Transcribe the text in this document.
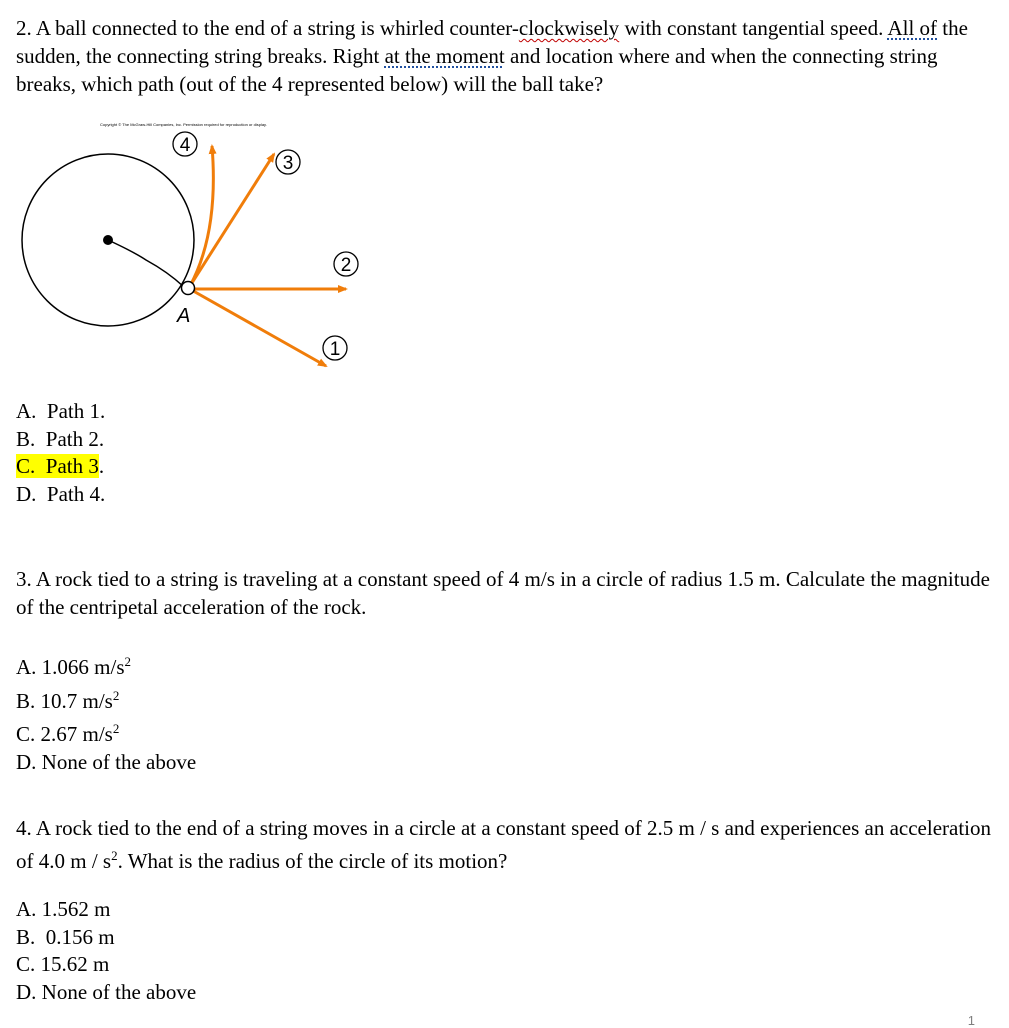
2. A ball connected to the end of a string is whirled counter-clockwisely with constant tangential speed. All of the sudden, the connecting string breaks. Right at the moment and location where and when the connecting string breaks, which path (out of the 4 represented below) will the ball take?
Copyright © The McGraw-Hill Companies, Inc. Permission required for reproduction or display.
A
4
3
2
1
A. Path 1.
B. Path 2.
C. Path 3.
D. Path 4.
3. A rock tied to a string is traveling at a constant speed of 4 m/s in a circle of radius 1.5 m. Calculate the magnitude of the centripetal acceleration of the rock.
A. 1.066 $m/s^2$
B. 10.7 $m/s^2$
C. 2.67 $m/s^2$
D. None of the above
4. A rock tied to the end of a string moves in a circle at a constant speed of 2.5 m / s and experiences an acceleration of 4.0 m / $s^2$. What is the radius of the circle of its motion?
A. 1.562 m
B.  0.156 m
C. 15.62 m
D. None of the above
1
